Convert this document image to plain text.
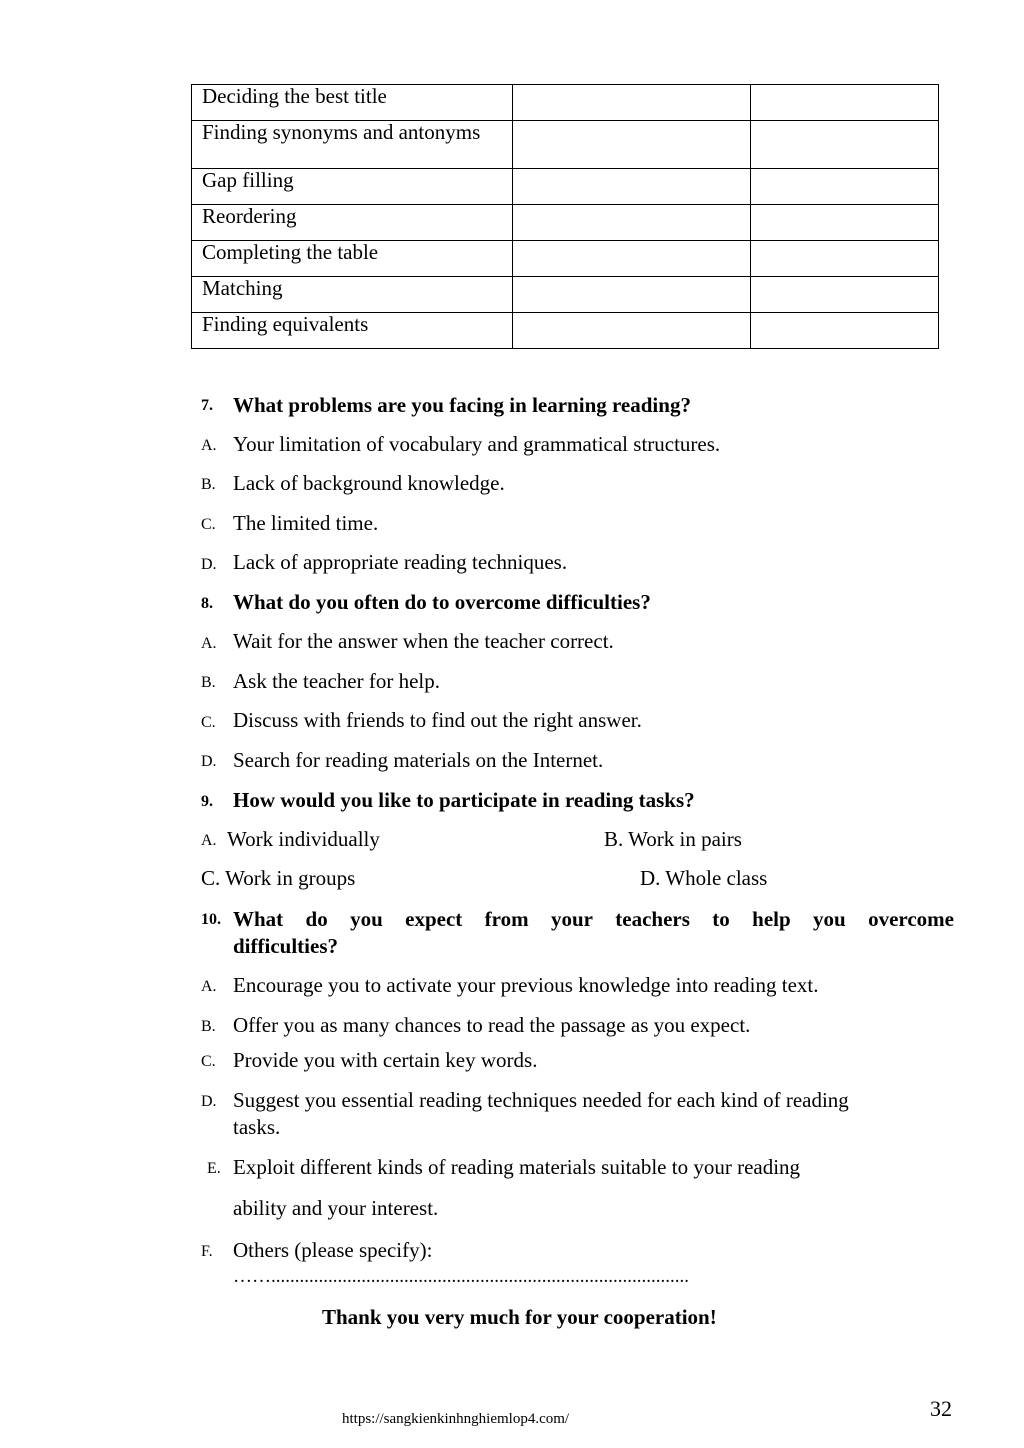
Deciding the best title		
Finding synonyms and antonyms		
Gap filling		
Reordering		
Completing the table		
Matching		
Finding equivalents		
7. What problems are you facing in learning reading?
A. Your limitation of vocabulary and grammatical structures.
B. Lack of background knowledge.
C. The limited time.
D. Lack of appropriate reading techniques.
8. What do you often do to overcome difficulties?
A. Wait for the answer when the teacher correct.
B. Ask the teacher for help.
C. Discuss with friends to find out the right answer.
D. Search for reading materials on the Internet.
9. How would you like to participate in reading tasks?
A. Work individually	B. Work in pairs
C. Work in groups	D. Whole class
10. What do you expect from your teachers to help you overcome
difficulties?
A. Encourage you to activate your previous knowledge into reading text.
B. Offer you as many chances to read the passage as you expect.
C. Provide you with certain key words.
D. Suggest you essential reading techniques needed for each kind of reading
tasks.
E. Exploit different kinds of reading materials suitable to your reading
ability and your interest.
F. Others (please specify):
……........................................................................................
Thank you very much for your cooperation!
32
https://sangkienkinhnghiemlop4.com/
